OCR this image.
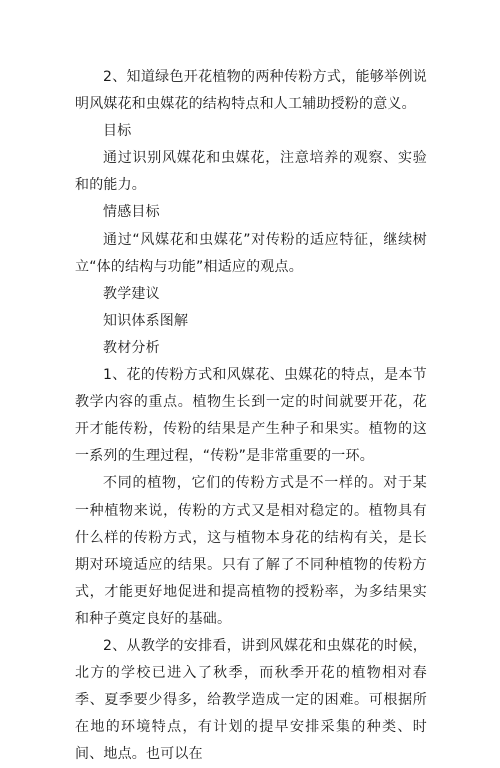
2、知道绿色开花植物的两种传粉方式，能够举例说明风媒花和虫媒花的结构特点和人工辅助授粉的意义。

目标

通过识别风媒花和虫媒花，注意培养的观察、实验和的能力。

情感目标

通过“风媒花和虫媒花”对传粉的适应特征，继续树立“体的结构与功能”相适应的观点。

教学建议

知识体系图解

教材分析

1、花的传粉方式和风媒花、虫媒花的特点，是本节教学内容的重点。植物生长到一定的时间就要开花，花开才能传粉，传粉的结果是产生种子和果实。植物的这一系列的生理过程，“传粉”是非常重要的一环。

不同的植物，它们的传粉方式是不一样的。对于某一种植物来说，传粉的方式又是相对稳定的。植物具有什么样的传粉方式，这与植物本身花的结构有关，是长期对环境适应的结果。只有了解了不同种植物的传粉方式，才能更好地促进和提高植物的授粉率，为多结果实和种子奠定良好的基础。

2、从教学的安排看，讲到风媒花和虫媒花的时候，北方的学校已进入了秋季，而秋季开花的植物相对春季、夏季要少得多，给教学造成一定的困难。可根据所在地的环境特点，有计划的提早安排采集的种类、时间、地点。也可以在
